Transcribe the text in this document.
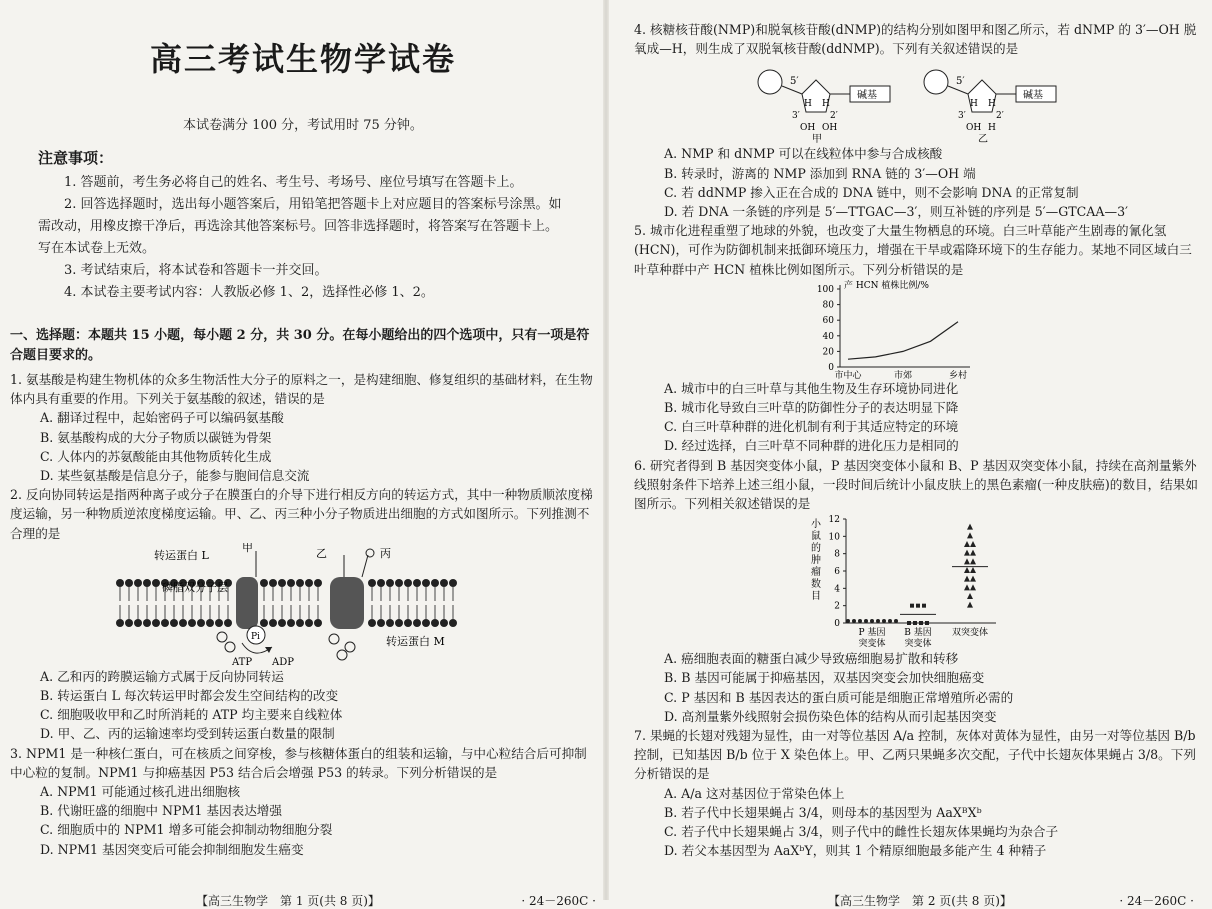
高三考试生物学试卷
本试卷满分 100 分，考试用时 75 分钟。
注意事项：

1. 答题前，考生务必将自己的姓名、考生号、考场号、座位号填写在答题卡上。

2. 回答选择题时，选出每小题答案后，用铅笔把答题卡上对应题目的答案标号涂黑。如需改动，用橡皮擦干净后，再选涂其他答案标号。回答非选择题时，将答案写在答题卡上。写在本试卷上无效。

3. 考试结束后，将本试卷和答题卡一并交回。

4. 本试卷主要考试内容：人教版必修 1、2，选择性必修 1、2。

一、选择题：本题共 15 小题，每小题 2 分，共 30 分。在每小题给出的四个选项中，只有一项是符合题目要求的。

1. 氨基酸是构建生物机体的众多生物活性大分子的原料之一，是构建细胞、修复组织的基础材料，在生物体内具有重要的作用。下列关于氨基酸的叙述，错误的是

A. 翻译过程中，起始密码子可以编码氨基酸

B. 氨基酸构成的大分子物质以碳链为骨架

C. 人体内的苏氨酸能由其他物质转化生成

D. 某些氨基酸是信息分子，能参与胞间信息交流

2. 反向协同转运是指两种离子或分子在膜蛋白的介导下进行相反方向的转运方式，其中一种物质顺浓度梯度运输，另一种物质逆浓度梯度运输。甲、乙、丙三种小分子物质进出细胞的方式如图所示。下列推测不合理的是

转运蛋白 L
甲	乙	丙
磷脂双分子层
Pi
ATP ADP
转运蛋白 M

A. 乙和丙的跨膜运输方式属于反向协同转运

B. 转运蛋白 L 每次转运甲时都会发生空间结构的改变

C. 细胞吸收甲和乙时所消耗的 ATP 均主要来自线粒体

D. 甲、乙、丙的运输速率均受到转运蛋白数量的限制

3. NPM1 是一种核仁蛋白，可在核质之间穿梭，参与核糖体蛋白的组装和运输，与中心粒结合后可抑制中心粒的复制。NPM1 与抑癌基因 P53 结合后会增强 P53 的转录。下列分析错误的是

A. NPM1 可能通过核孔进出细胞核

B. 代谢旺盛的细胞中 NPM1 基因表达增强

C. 细胞质中的 NPM1 增多可能会抑制动物细胞分裂

D. NPM1 基因突变后可能会抑制细胞发生癌变

【高三生物学　第 1 页(共 8 页)】	· 24－260C ·

4. 核糖核苷酸(NMP)和脱氧核苷酸(dNMP)的结构分别如图甲和图乙所示，若 dNMP 的 3′—OH 脱氧成—H，则生成了双脱氧核苷酸(ddNMP)。下列有关叙述错误的是

5′
碱基
H H
3′	2′
OH OH
甲
5′
碱基
H H
3′	2′
OH H
乙

A. NMP 和 dNMP 可以在线粒体中参与合成核酸

B. 转录时，游离的 NMP 添加到 RNA 链的 3′—OH 端

C. 若 ddNMP 掺入正在合成的 DNA 链中，则不会影响 DNA 的正常复制

D. 若 DNA 一条链的序列是 5′—TTGAC—3′，则互补链的序列是 5′—GTCAA—3′

5. 城市化进程重塑了地球的外貌，也改变了大量生物栖息的环境。白三叶草能产生剧毒的氰化氢(HCN)，可作为防御机制来抵御环境压力，增强在干旱或霜降环境下的生存能力。某地不同区域白三叶草种群中产 HCN 植株比例如图所示。下列分析错误的是

产 HCN 植株比例/%
0
20
40
60
80
100
市中心	市郊	乡村

A. 城市中的白三叶草与其他生物及生存环境协同进化

B. 城市化导致白三叶草的防御性分子的表达明显下降

C. 白三叶草种群的进化机制有利于其适应特定的环境

D. 经过选择，白三叶草不同种群的进化压力是相同的

6. 研究者得到 B 基因突变体小鼠，P 基因突变体小鼠和 B、P 基因双突变体小鼠，持续在高剂量紫外线照射条件下培养上述三组小鼠，一段时间后统计小鼠皮肤上的黑色素瘤(一种皮肤癌)的数目，结果如图所示。下列相关叙述错误的是

小
鼠
的
肿
瘤
数
目
0
2
4
6
8
10
12
P 基因
突变体
B 基因
突变体
双突变体

A. 癌细胞表面的糖蛋白减少导致癌细胞易扩散和转移

B. B 基因可能属于抑癌基因，双基因突变会加快细胞癌变

C. P 基因和 B 基因表达的蛋白质可能是细胞正常增殖所必需的

D. 高剂量紫外线照射会损伤染色体的结构从而引起基因突变

7. 果蝇的长翅对残翅为显性，由一对等位基因 A/a 控制，灰体对黄体为显性，由另一对等位基因 B/b 控制，已知基因 B/b 位于 X 染色体上。甲、乙两只果蝇多次交配，子代中长翅灰体果蝇占 3/8。下列分析错误的是

A. A/a 这对基因位于常染色体上

B. 若子代中长翅果蝇占 3/4，则母本的基因型为 AaXᴮXᵇ

C. 若子代中长翅果蝇占 3/4，则子代中的雌性长翅灰体果蝇均为杂合子

D. 若父本基因型为 AaXᵇY，则其 1 个精原细胞最多能产生 4 种精子

【高三生物学　第 2 页(共 8 页)】	· 24－260C ·
